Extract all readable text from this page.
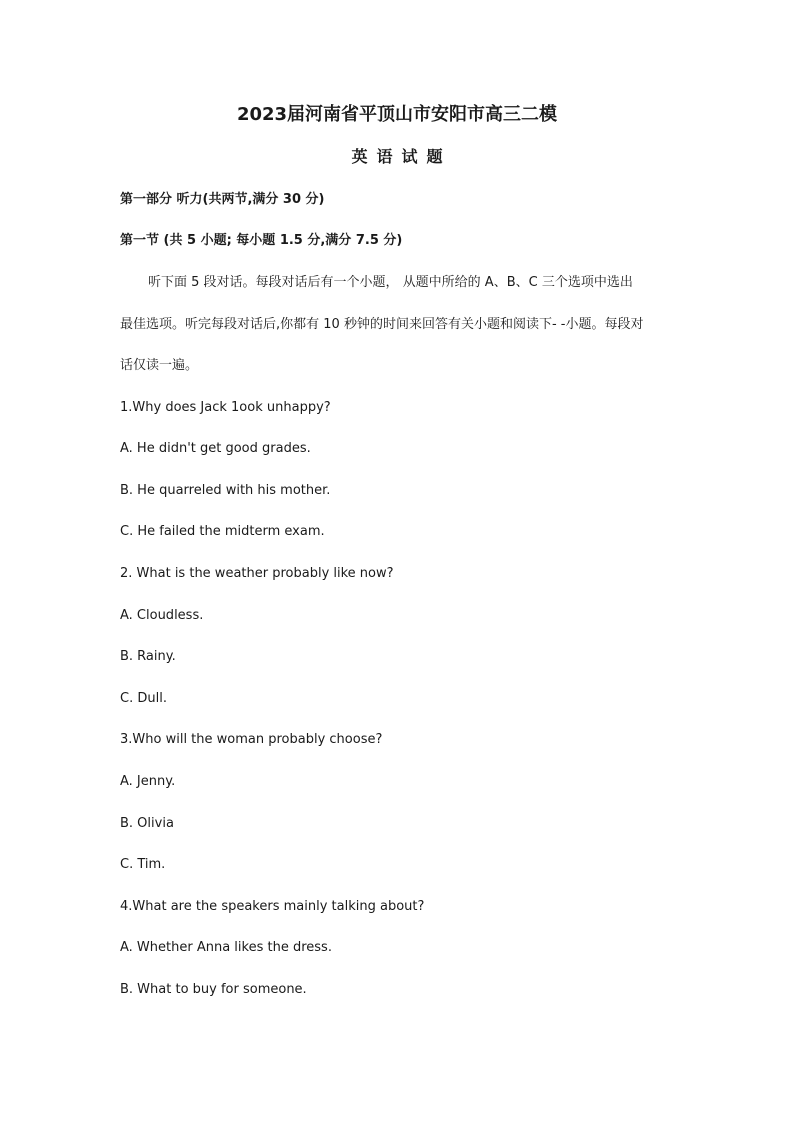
2023届河南省平顶山市安阳市高三二模
英语试题
第一部分 听力(共两节,满分 30 分)
第一节 (共 5 小题; 每小题 1.5 分,满分 7.5 分)
听下面 5 段对话。每段对话后有一个小题， 从题中所给的 A、B、C 三个选项中选出
最佳选项。听完每段对话后,你都有 10 秒钟的时间来回答有关小题和阅读下- -小题。每段对
话仅读一遍。
1.Why does Jack 1ook unhappy?
A. He didn't get good grades.
B. He quarreled with his mother.
C. He failed the midterm exam.
2. What is the weather probably like now?
A. Cloudless.
B. Rainy.
C. Dull.
3.Who will the woman probably choose?
A. Jenny.
B. Olivia
C. Tim.
4.What are the speakers mainly talking about?
A. Whether Anna likes the dress.
B. What to buy for someone.
